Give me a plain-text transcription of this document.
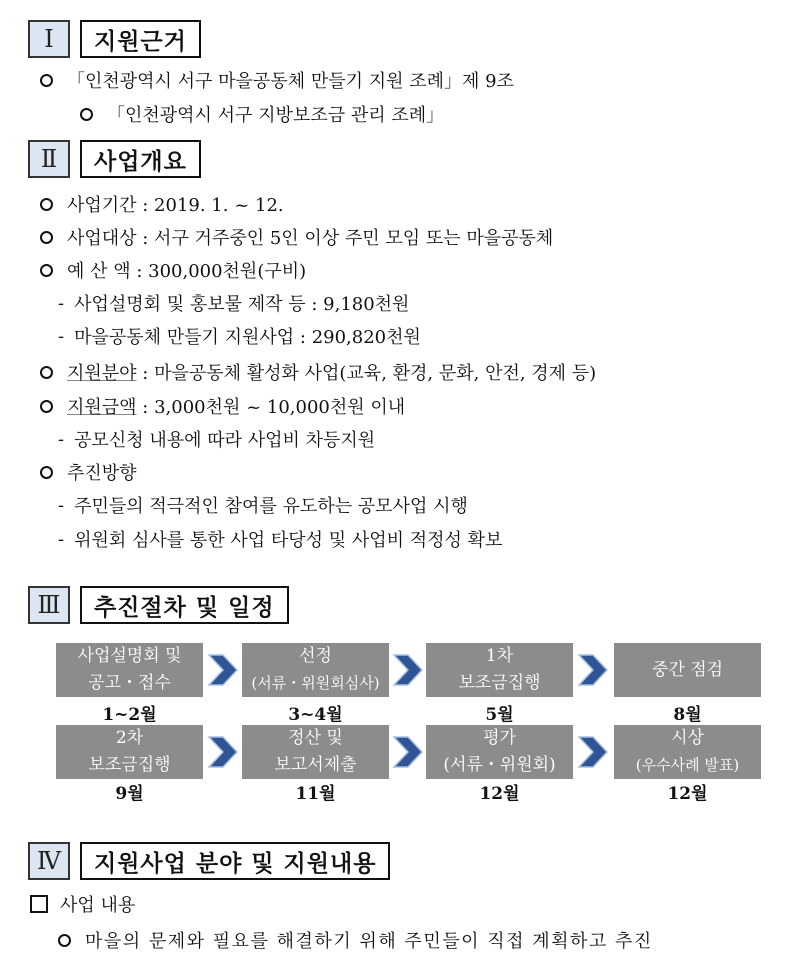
Ⅰ	지원근거
「인천광역시 서구 마을공동체 만들기 지원 조례」제 9조
「인천광역시 서구 지방보조금 관리 조례」
Ⅱ	사업개요
사업기간 : 2019. 1. ~ 12.
사업대상 : 서구 거주중인 5인 이상 주민 모임 또는 마을공동체
예 산 액 : 300,000천원(구비)
- 사업설명회 및 홍보물 제작 등 : 9,180천원
- 마을공동체 만들기 지원사업 : 290,820천원
지원분야 : 마을공동체 활성화 사업(교육, 환경, 문화, 안전, 경제 등)
지원금액 : 3,000천원 ~ 10,000천원 이내
- 공모신청 내용에 따라 사업비 차등지원
추진방향
- 주민들의 적극적인 참여를 유도하는 공모사업 시행
- 위원회 심사를 통한 사업 타당성 및 사업비 적정성 확보
Ⅲ	추진절차 및 일정
사업설명회 및
공고・접수
1~2월
선정
(서류・위원회심사)
3~4월
1차
보조금집행
5월
중간 점검
8월
2차
보조금집행
9월
정산 및
보고서제출
11월
평가
(서류・위원회)
12월
시상
(우수사례 발표)
12월
Ⅳ	지원사업 분야 및 지원내용
사업 내용
마을의 문제와 필요를 해결하기 위해 주민들이 직접 계획하고 추진
